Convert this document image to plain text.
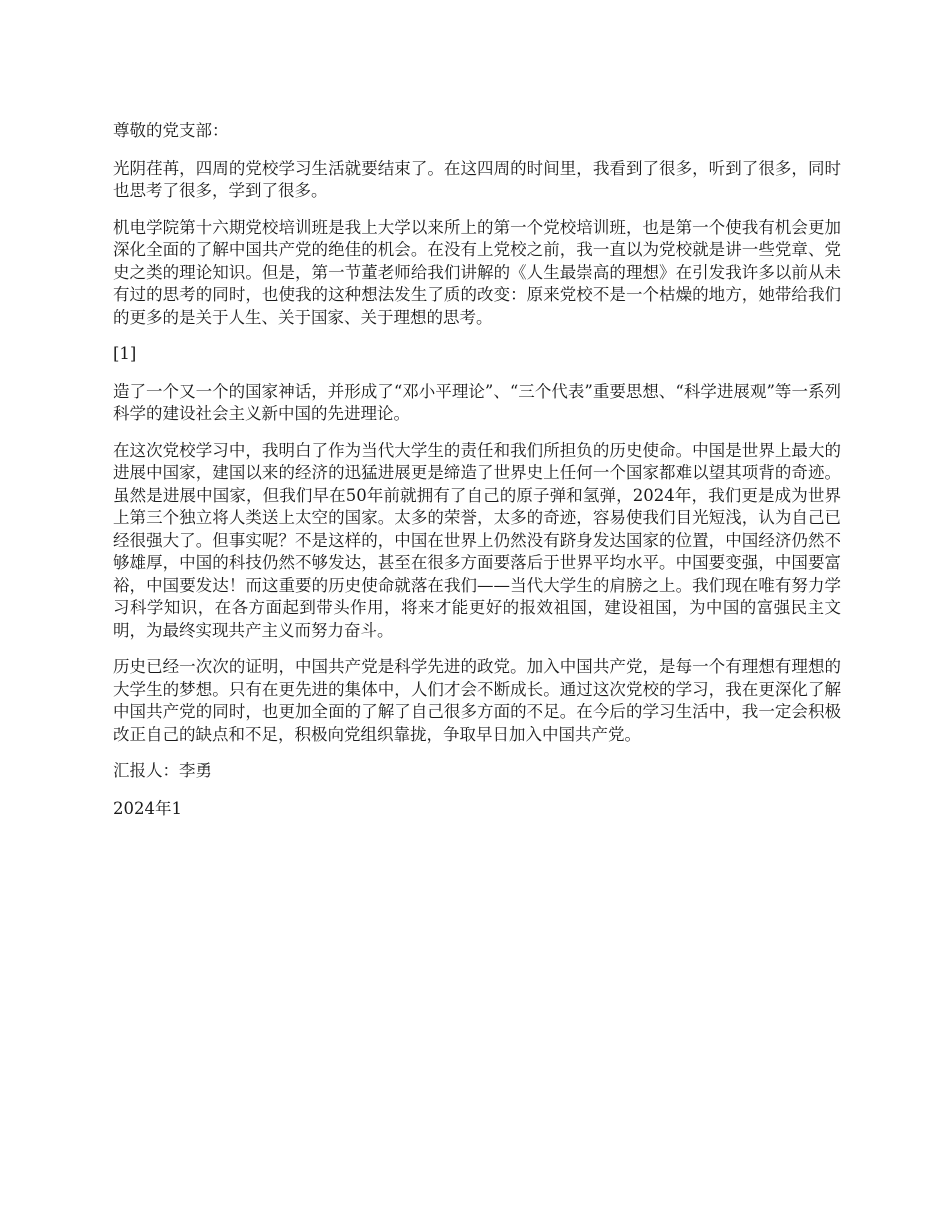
尊敬的党支部：

光阴荏苒，四周的党校学习生活就要结束了。在这四周的时间里，我看到了很多，听到了很多，同时也思考了很多，学到了很多。

机电学院第十六期党校培训班是我上大学以来所上的第一个党校培训班，也是第一个使我有机会更加深化全面的了解中国共产党的绝佳的机会。在没有上党校之前，我一直以为党校就是讲一些党章、党史之类的理论知识。但是，第一节董老师给我们讲解的《人生最崇高的理想》在引发我许多以前从未有过的思考的同时，也使我的这种想法发生了质的改变：原来党校不是一个枯燥的地方，她带给我们的更多的是关于人生、关于国家、关于理想的思考。

[1]

造了一个又一个的国家神话，并形成了“邓小平理论”、“三个代表”重要思想、“科学进展观”等一系列科学的建设社会主义新中国的先进理论。

在这次党校学习中，我明白了作为当代大学生的责任和我们所担负的历史使命。中国是世界上最大的进展中国家，建国以来的经济的迅猛进展更是缔造了世界史上任何一个国家都难以望其项背的奇迹。虽然是进展中国家，但我们早在50年前就拥有了自己的原子弹和氢弹，2024年，我们更是成为世界上第三个独立将人类送上太空的国家。太多的荣誉，太多的奇迹，容易使我们目光短浅，认为自己已经很强大了。但事实呢？不是这样的，中国在世界上仍然没有跻身发达国家的位置，中国经济仍然不够雄厚，中国的科技仍然不够发达，甚至在很多方面要落后于世界平均水平。中国要变强，中国要富裕，中国要发达！而这重要的历史使命就落在我们——当代大学生的肩膀之上。我们现在唯有努力学习科学知识，在各方面起到带头作用，将来才能更好的报效祖国，建设祖国，为中国的富强民主文明，为最终实现共产主义而努力奋斗。

历史已经一次次的证明，中国共产党是科学先进的政党。加入中国共产党，是每一个有理想有理想的大学生的梦想。只有在更先进的集体中，人们才会不断成长。通过这次党校的学习，我在更深化了解中国共产党的同时，也更加全面的了解了自己很多方面的不足。在今后的学习生活中，我一定会积极改正自己的缺点和不足，积极向党组织靠拢，争取早日加入中国共产党。

汇报人：李勇

2024年1
